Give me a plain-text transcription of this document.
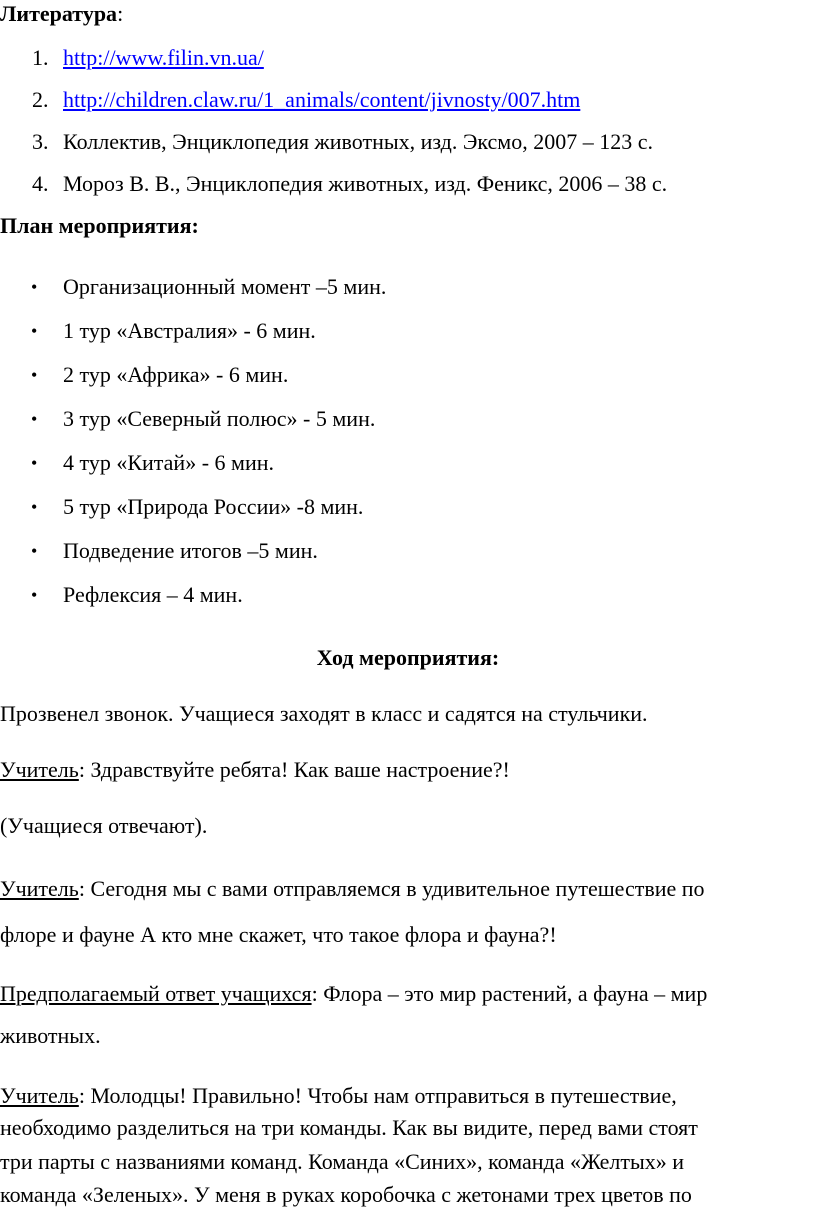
Литература:
1. http://www.filin.vn.ua/
2. http://children.claw.ru/1_animals/content/jivnosty/007.htm
3. Коллектив, Энциклопедия животных, изд. Эксмо, 2007 – 123 с.
4. Мороз В. В., Энциклопедия животных, изд. Феникс, 2006 – 38 с.
План мероприятия:
• Организационный момент –5 мин.
• 1 тур «Австралия» - 6 мин.
• 2 тур «Африка» - 6 мин.
• 3 тур «Северный полюс» - 5 мин.
• 4 тур «Китай» - 6 мин.
• 5 тур «Природа России» -8 мин.
• Подведение итогов –5 мин.
• Рефлексия – 4 мин.
Ход мероприятия:
Прозвенел звонок. Учащиеся заходят в класс и садятся на стульчики.
Учитель: Здравствуйте ребята! Как ваше настроение?!
(Учащиеся отвечают).
Учитель: Сегодня мы с вами отправляемся в удивительное путешествие по
флоре и фауне А кто мне скажет, что такое флора и фауна?!
Предполагаемый ответ учащихся: Флора – это мир растений, а фауна – мир
животных.
Учитель: Молодцы! Правильно! Чтобы нам отправиться в путешествие,
необходимо разделиться на три команды. Как вы видите, перед вами стоят
три парты с названиями команд. Команда «Синих», команда «Желтых» и
команда «Зеленых». У меня в руках коробочка с жетонами трех цветов по
